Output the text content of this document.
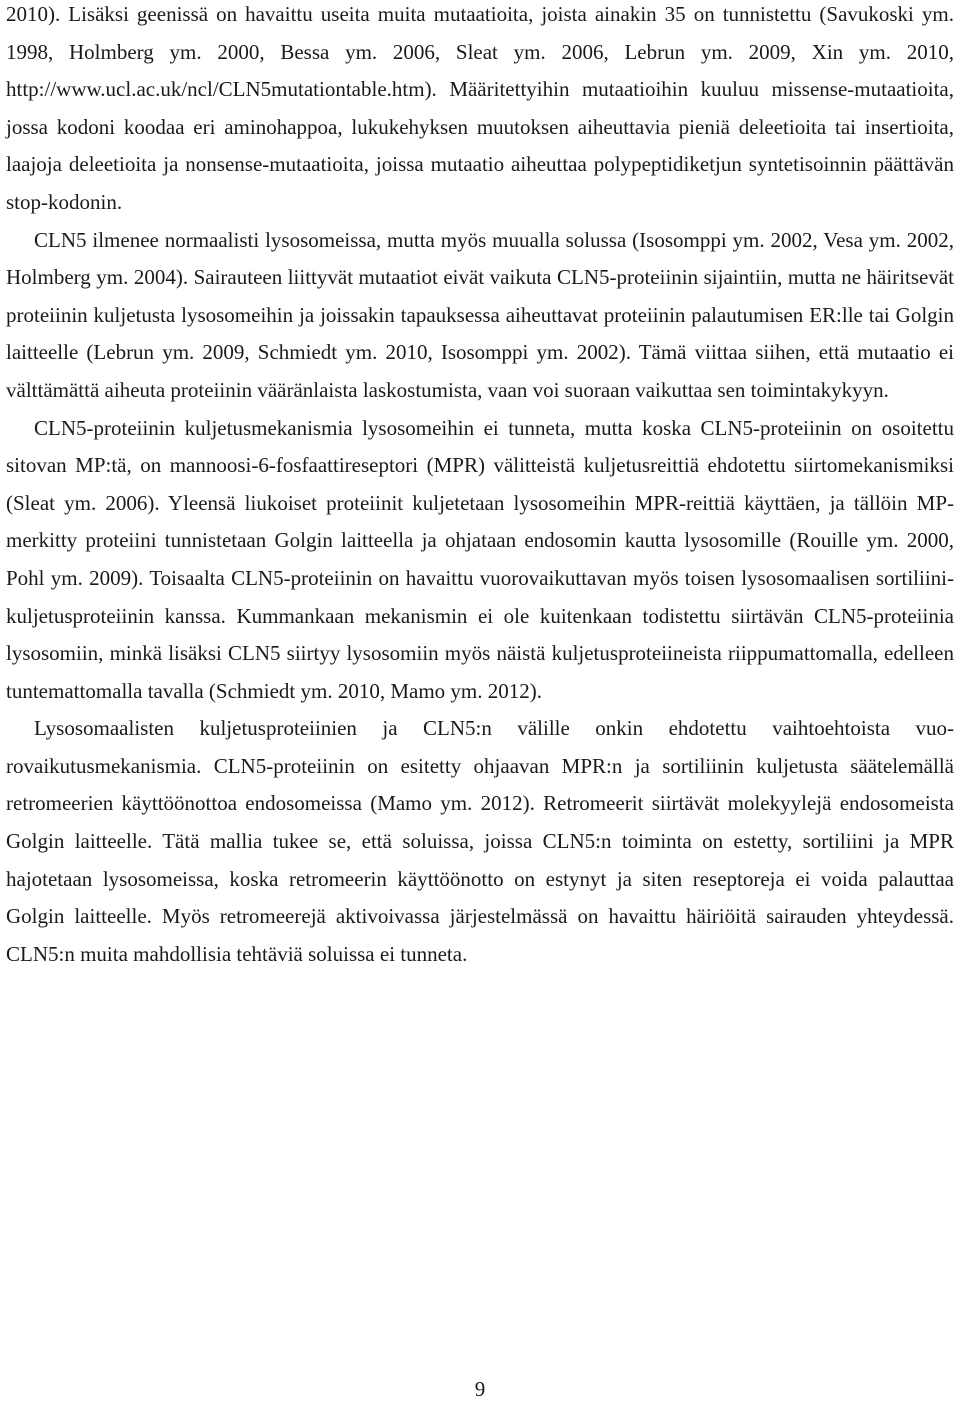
2010). Lisäksi geenissä on havaittu useita muita mutaatioita, joista ainakin 35 on tunnistettu (Savukoski ym. 1998, Holmberg ym. 2000, Bessa ym. 2006, Sleat ym. 2006, Lebrun ym. 2009, Xin ym. 2010, http://www.ucl.ac.uk/ncl/CLN5mutationtable.htm). Määritettyihin mutaatioihin kuuluu missense-mutaatioita, jossa kodoni koodaa eri aminohappoa, lukukehyksen muutoksen aiheuttavia pieniä deleetioita tai insertioita, laajoja deleetioita ja nonsense-mutaatioita, joissa mutaatio aiheuttaa polypeptidiketjun syntetisoinnin päättävän stop-kodonin.

CLN5 ilmenee normaalisti lysosomeissa, mutta myös muualla solussa (Isosomppi ym. 2002, Vesa ym. 2002, Holmberg ym. 2004). Sairauteen liittyvät mutaatiot eivät vaikuta CLN5-proteiinin sijaintiin, mutta ne häiritsevät proteiinin kuljetusta lysosomeihin ja joissakin tapauksessa aiheuttavat proteiinin palautumisen ER:lle tai Golgin laitteelle (Lebrun ym. 2009, Schmiedt ym. 2010, Isosomppi ym. 2002). Tämä viittaa siihen, että mutaatio ei välttämättä aiheuta proteiinin vääränlaista laskostumista, vaan voi suoraan vaikuttaa sen toimintakykyyn.

CLN5-proteiinin kuljetusmekanismia lysosomeihin ei tunneta, mutta koska CLN5-proteiinin on osoitettu sitovan MP:tä, on mannoosi-6-fosfaattireseptori (MPR) välitteistä kuljetusreittiä ehdotettu siirtomekanismiksi (Sleat ym. 2006). Yleensä liukoiset proteiinit kuljetetaan lysosomeihin MPR-reittiä käyttäen, ja tällöin MP-merkitty proteiini tunnistetaan Golgin laitteella ja ohjataan endosomin kautta lysosomille (Rouille ym. 2000, Pohl ym. 2009). Toisaalta CLN5-proteiinin on havaittu vuorovaikuttavan myös toisen lysosomaalisen sortiliini-kuljetusproteiinin kanssa. Kummankaan mekanismin ei ole kuitenkaan todistettu siirtävän CLN5-proteiinia lysosomiin, minkä lisäksi CLN5 siirtyy lysosomiin myös näistä kuljetusproteiineista riippumattomalla, edelleen tuntemattomalla tavalla (Schmiedt ym. 2010, Mamo ym. 2012).

Lysosomaalisten kuljetusproteiinien ja CLN5:n välille onkin ehdotettu vaihtoehtoista vuorovaikutusmekanismia. CLN5-proteiinin on esitetty ohjaavan MPR:n ja sortiliinin kuljetusta säätelemällä retromeerien käyttöönottoa endosomeissa (Mamo ym. 2012). Retromeerit siirtävät molekyylejä endosomeista Golgin laitteelle. Tätä mallia tukee se, että soluissa, joissa CLN5:n toiminta on estetty, sortiliini ja MPR hajotetaan lysosomeissa, koska retromeerin käyttöönotto on estynyt ja siten reseptoreja ei voida palauttaa Golgin laitteelle. Myös retromeerejä aktivoivassa järjestelmässä on havaittu häiriöitä sairauden yhteydessä. CLN5:n muita mahdollisia tehtäviä soluissa ei tunneta.

9
